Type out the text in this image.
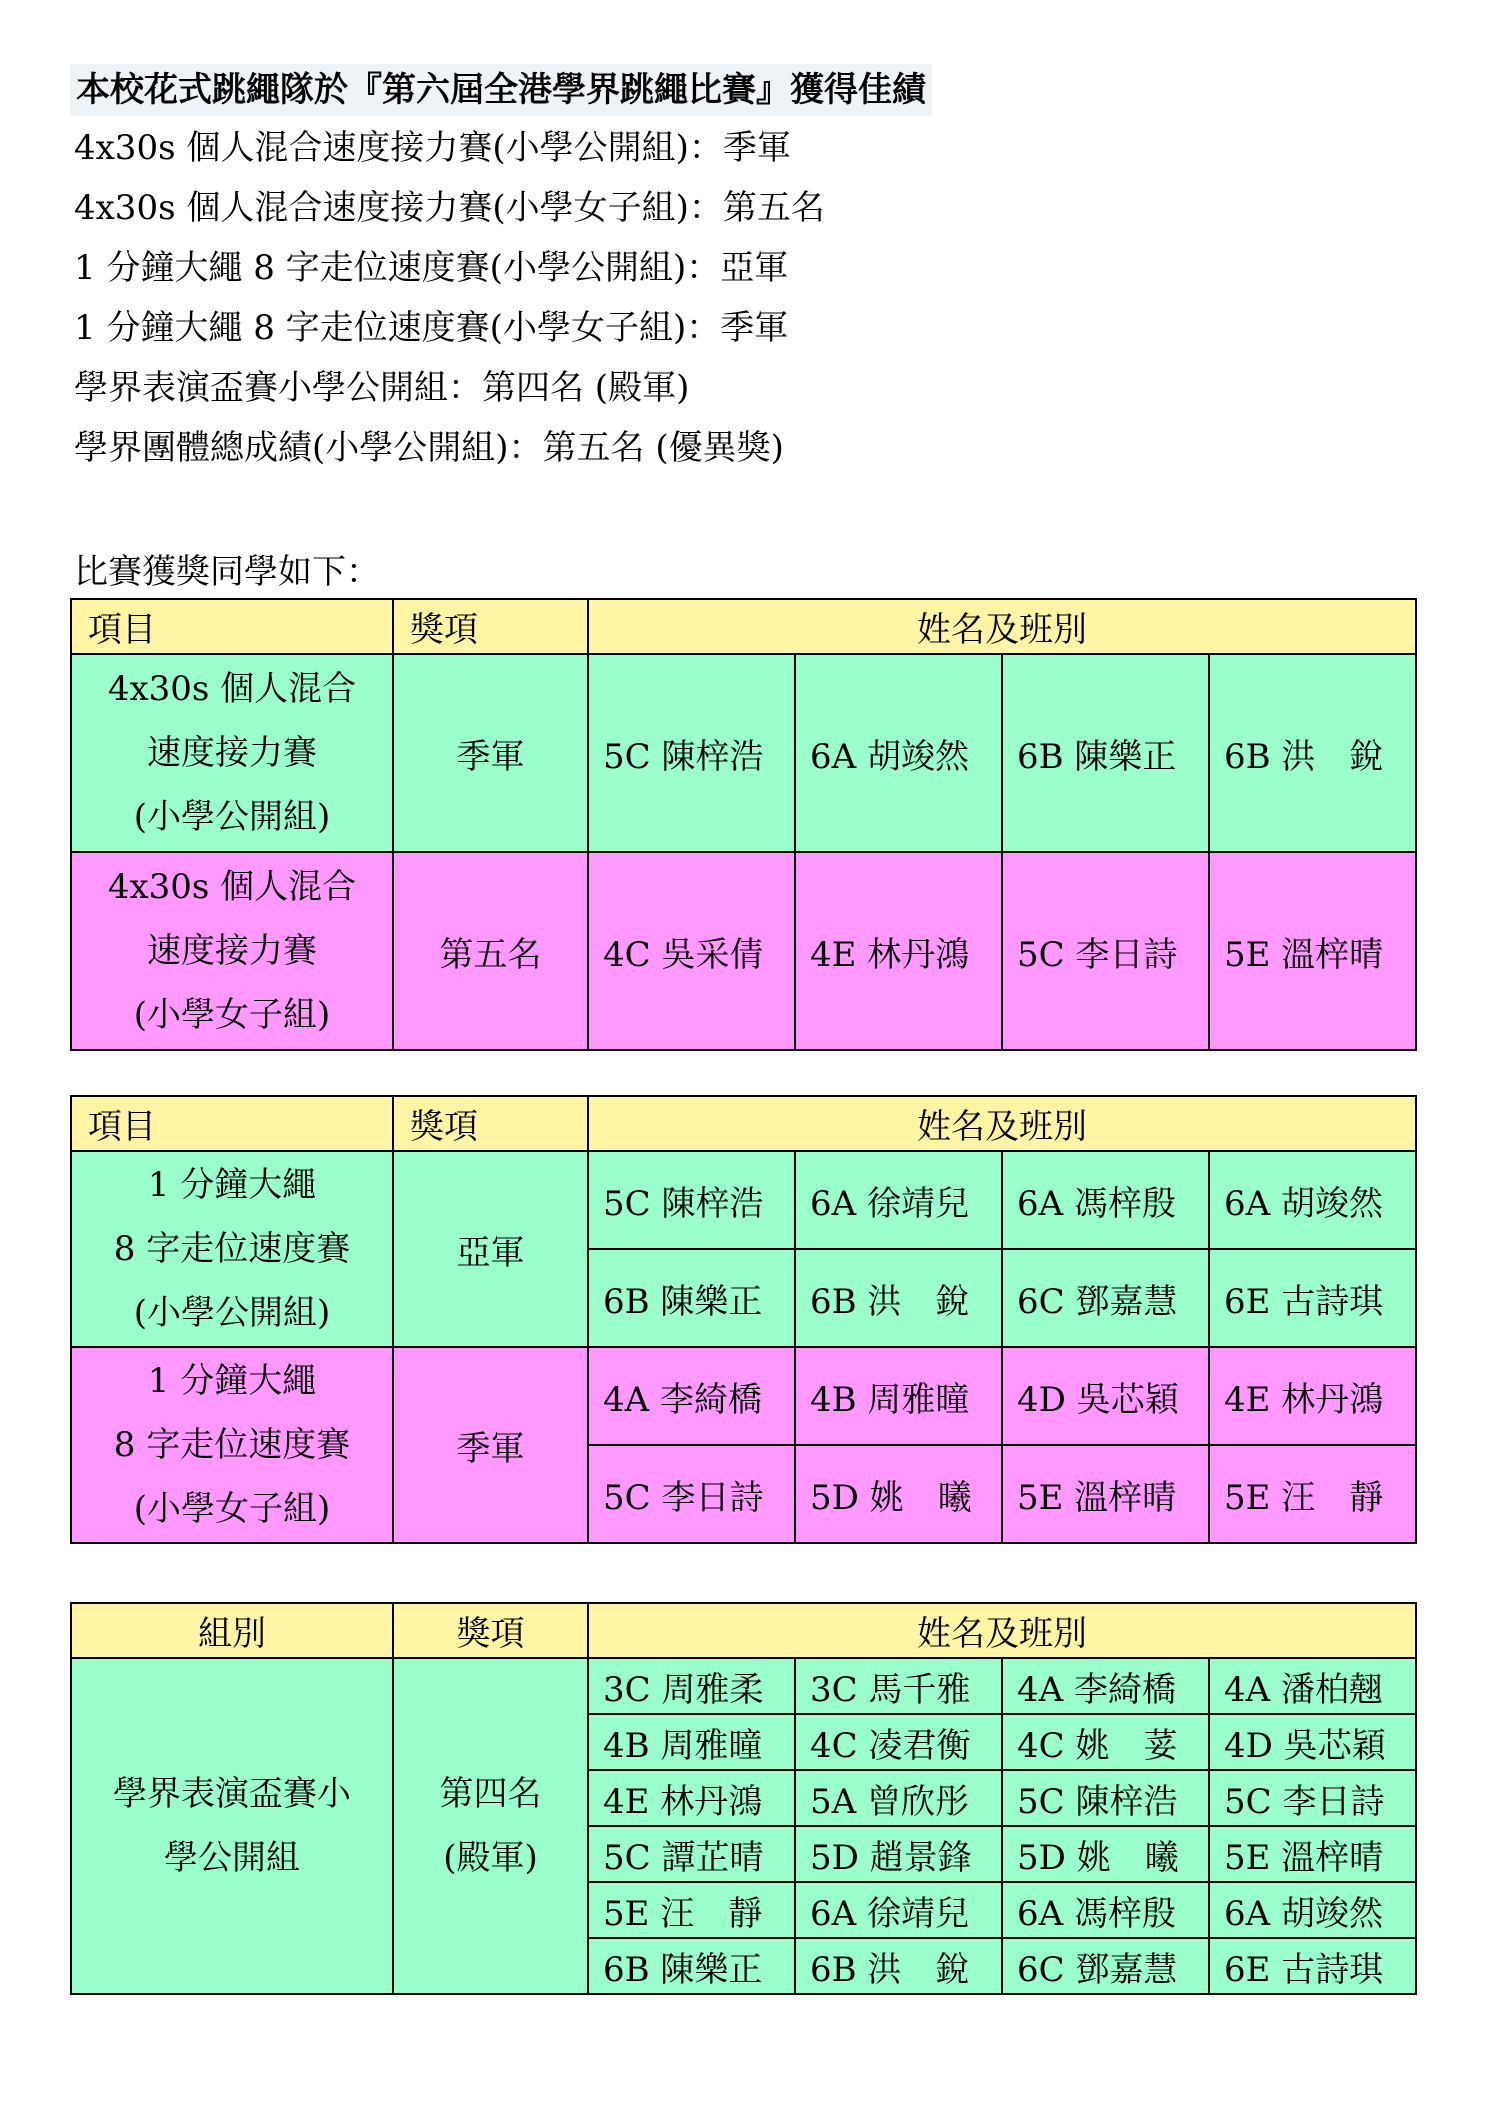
本校花式跳繩隊於『第六屆全港學界跳繩比賽』獲得佳績
4x30s 個人混合速度接力賽(小學公開組)：季軍
4x30s 個人混合速度接力賽(小學女子組)：第五名
1 分鐘大繩 8 字走位速度賽(小學公開組)：亞軍
1 分鐘大繩 8 字走位速度賽(小學女子組)：季軍
學界表演盃賽小學公開組：第四名 (殿軍)
學界團體總成績(小學公開組)：第五名 (優異獎)
比賽獲獎同學如下：
項目	獎項	姓名及班別			

4x30s 個人混合
速度接力賽
(小學公開組)	季軍	5C 陳梓浩	6A 胡竣然	6B 陳樂正	6B 洪　銳

4x30s 個人混合
速度接力賽
(小學女子組)	第五名	4C 吳采倩	4E 林丹鴻	5C 李日詩	5E 溫梓晴
項目	獎項	姓名及班別			

1 分鐘大繩
8 字走位速度賽
(小學公開組)	亞軍	5C 陳梓浩	6A 徐靖兒	6A 馮梓殷	6A 胡竣然
		6B 陳樂正	6B 洪　銳	6C 鄧嘉慧	6E 古詩琪

1 分鐘大繩
8 字走位速度賽
(小學女子組)	季軍	4A 李綺橋	4B 周雅曈	4D 吳芯穎	4E 林丹鴻
		5C 李日詩	5D 姚　曦	5E 溫梓晴	5E 汪　靜
組別	獎項	姓名及班別			

學界表演盃賽小
學公開組	第四名
(殿軍)	3C 周雅柔	3C 馬千雅	4A 李綺橋	4A 潘柏翹
		4B 周雅曈	4C 凌君衡	4C 姚　荽	4D 吳芯穎
		4E 林丹鴻	5A 曾欣彤	5C 陳梓浩	5C 李日詩
		5C 譚芷晴	5D 趙景鋒	5D 姚　曦	5E 溫梓晴
		5E 汪　靜	6A 徐靖兒	6A 馮梓殷	6A 胡竣然
		6B 陳樂正	6B 洪　銳	6C 鄧嘉慧	6E 古詩琪
